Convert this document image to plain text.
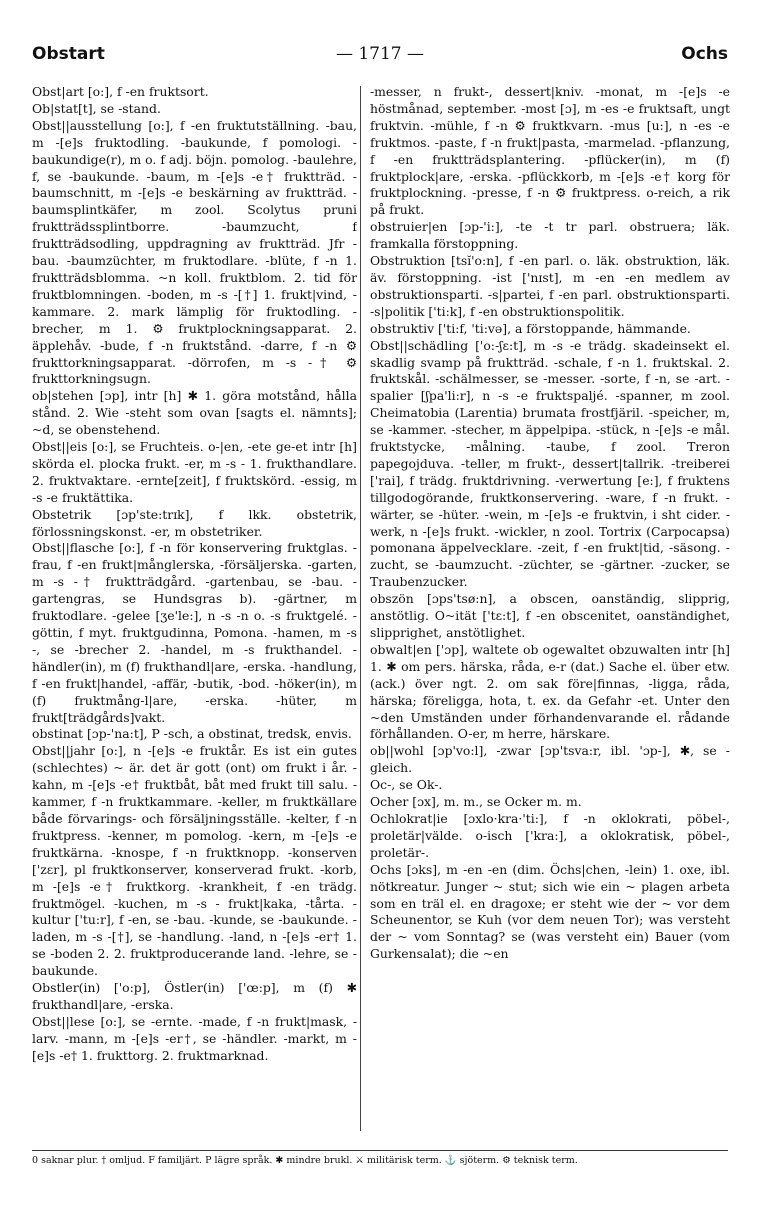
Obstart	— 1717 —	Ochs

Obst|art [o:], f -en fruktsort.

Ob|stat[t], se -stand.

Obst||ausstellung [o:], f -en fruktutställning. -bau, m -[e]s fruktodling. -baukunde, f pomologi. -baukundige(r), m o. f adj. böjn. pomolog. -baulehre, f, se -baukunde. -baum, m -[e]s -e† fruktträd. -baumschnitt, m -[e]s -e beskärning av fruktträd. -baumsplintkäfer, m zool. Scolytus pruni fruktträdssplintborre. -baumzucht, f fruktträdsodling, uppdragning av fruktträd. Jfr -bau. -baumzüchter, m fruktodlare. -blüte, f -n 1. fruktträdsblomma. ~n koll. fruktblom. 2. tid för fruktblomningen. -boden, m -s -[†] 1. frukt|vind, -kammare. 2. mark lämplig för fruktodling. -brecher, m 1. ⚙ fruktplockningsapparat. 2. äpplehåv. -bude, f -n fruktstånd. -darre, f -n ⚙ frukttorkningsapparat. -dörrofen, m -s -† ⚙ frukttorkningsugn.

ob|stehen [ɔp], intr [h] ✱ 1. göra motstånd, hålla stånd. 2. Wie -steht som ovan [sagts el. nämnts]; ~d, se obenstehend.

Obst||eis [o:], se Fruchteis. o-|en, -ete ge-et intr [h] skörda el. plocka frukt. -er, m -s - 1. frukthandlare. 2. fruktvaktare. -ernte[zeit], f fruktskörd. -essig, m -s -e fruktättika.

Obstetrik [ɔp'ste:trɪk], f lkk. obstetrik, förlossningskonst. -er, m obstetriker.

Obst||flasche [o:], f -n för konservering fruktglas. -frau, f -en frukt|månglerska, -försäljerska. -garten, m -s -† fruktträdgård. -gartenbau, se -bau. -gartengras, se Hundsgras b). -gärtner, m fruktodlare. -gelee [ʒe'le:], n -s -n o. -s fruktgelé. -göttin, f myt. fruktgudinna, Pomona. -hamen, m -s -, se -brecher 2. -handel, m -s frukthandel. -händler(in), m (f) frukthandl|are, -erska. -handlung, f -en frukt|handel, -affär, -butik, -bod. -höker(in), m (f) fruktmång-l|are, -erska. -hüter, m frukt[trädgårds]vakt.

obstinat [ɔp-'na:t], P -sch, a obstinat, tredsk, envis.

Obst||jahr [o:], n -[e]s -e fruktår. Es ist ein gutes (schlechtes) ~ är. det är gott (ont) om frukt i år. -kahn, m -[e]s -e† fruktbåt, båt med frukt till salu. -kammer, f -n fruktkammare. -keller, m fruktkällare både förvarings- och försäljningsställe. -kelter, f -n fruktpress. -kenner, m pomolog. -kern, m -[e]s -e fruktkärna. -knospe, f -n fruktknopp. -konserven ['zɛr], pl fruktkonserver, konserverad frukt. -korb, m -[e]s -e† fruktkorg. -krankheit, f -en trädg. fruktmögel. -kuchen, m -s - frukt|kaka, -tårta. -kultur ['tu:r], f -en, se -bau. -kunde, se -baukunde. -laden, m -s -[†], se -handlung. -land, n -[e]s -er† 1. se -boden 2. 2. fruktproducerande land. -lehre, se -baukunde.

Obstler(in) ['o:p], Östler(in) ['œ:p], m (f) ✱ frukthandl|are, -erska.

Obst||lese [o:], se -ernte. -made, f -n frukt|mask, -larv. -mann, m -[e]s -er†, se -händler. -markt, m -[e]s -e† 1. frukttorg. 2. fruktmarknad.

-messer, n frukt-, dessert|kniv. -monat, m -[e]s -e höstmånad, september. -most [ɔ], m -es -e fruktsaft, ungt fruktvin. -mühle, f -n ⚙ fruktkvarn. -mus [u:], n -es -e fruktmos. -paste, f -n frukt|pasta, -marmelad. -pflanzung, f -en fruktträdsplantering. -pflücker(in), m (f) fruktplock|are, -erska. -pflückkorb, m -[e]s -e† korg för fruktplockning. -presse, f -n ⚙ fruktpress. o-reich, a rik på frukt.

obstruier|en [ɔp-'i:], -te -t tr parl. obstruera; läk. framkalla förstoppning.

Obstruktion [tsĭ'o:n], f -en parl. o. läk. obstruktion, läk. äv. förstoppning. -ist ['nɪst], m -en -en medlem av obstruktionsparti. -s|partei, f -en parl. obstruktionsparti. -s|politik ['ti:k], f -en obstruktionspolitik.

obstruktiv ['ti:f, 'ti:və], a förstoppande, hämmande.

Obst||schädling ['o:-ʃɛ:t], m -s -e trädg. skadeinsekt el. skadlig svamp på fruktträd. -schale, f -n 1. fruktskal. 2. fruktskål. -schälmesser, se -messer. -sorte, f -n, se -art. -spalier [ʃpa'li:r], n -s -e fruktspaljé. -spanner, m zool. Cheimatobia (Larentia) brumata frostfjäril. -speicher, m, se -kammer. -stecher, m äppelpipa. -stück, n -[e]s -e mål. fruktstycke, -målning. -taube, f zool. Treron papegojduva. -teller, m frukt-, dessert|tallrik. -treiberei ['rai], f trädg. fruktdrivning. -verwertung [e:], f fruktens tillgodogörande, fruktkonservering. -ware, f -n frukt. -wärter, se -hüter. -wein, m -[e]s -e fruktvin, i sht cider. -werk, n -[e]s frukt. -wickler, n zool. Tortrix (Carpocapsa) pomonana äppelvecklare. -zeit, f -en frukt|tid, -säsong. -zucht, se -baumzucht. -züchter, se -gärtner. -zucker, se Traubenzucker.

obszön [ɔps'tsø:n], a obscen, oanständig, slipprig, anstötlig. O~ität ['tɛ:t], f -en obscenitet, oanständighet, slipprighet, anstötlighet.

obwalt|en ['ɔp], waltete ob ogewaltet obzuwalten intr [h] 1. ✱ om pers. härska, råda, e-r (dat.) Sache el. über etw. (ack.) över ngt. 2. om sak före|finnas, -ligga, råda, härska; föreligga, hota, t. ex. da Gefahr -et. Unter den ~den Umständen under förhandenvarande el. rådande förhållanden. O-er, m herre, härskare.

ob||wohl [ɔp'vo:l], -zwar [ɔp'tsva:r, ibl. 'ɔp-], ✱, se -gleich.

Oc-, se Ok-.

Ocher [ɔx], m. m., se Ocker m. m.

Ochlokrat|ie [ɔxlo·kra·'ti:], f -n oklokrati, pöbel-, proletär|välde. o-isch ['kra:], a oklokratisk, pöbel-, proletär-.

Ochs [ɔks], m -en -en (dim. Öchs|chen, -lein) 1. oxe, ibl. nötkreatur. Junger ~ stut; sich wie ein ~ plagen arbeta som en träl el. en dragoxe; er steht wie der ~ vor dem Scheunentor, se Kuh (vor dem neuen Tor); was versteht der ~ vom Sonntag? se (was versteht ein) Bauer (vom Gurkensalat); die ~en

0 saknar plur. † omljud. F familjärt. P lägre språk. ✱ mindre brukl. ⚔ militärisk term. ⚓ sjöterm. ⚙ teknisk term.
